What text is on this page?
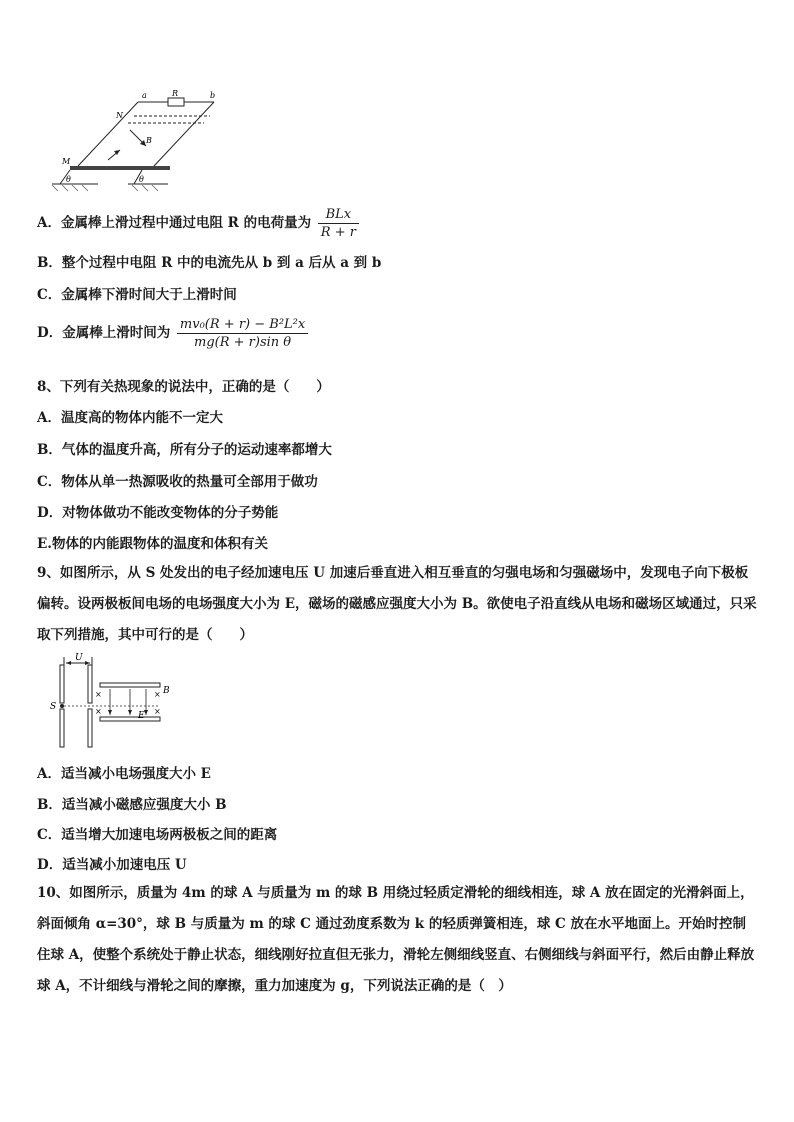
a	R	b
N
B
M
θ	θ
A．金属棒上滑过程中通过电阻 R 的电荷量为 $\frac{\text{BLx}}{R + r}$
B．整个过程中电阻 R 中的电流先从 b 到 a 后从 a 到 b
C．金属棒下滑时间大于上滑时间
D．金属棒上滑时间为 $\frac{\text{mv₀(R + r) − B²L²x}}{\text{mg(R + r)sin θ}}$
8、下列有关热现象的说法中，正确的是（　　）
A．温度高的物体内能不一定大
B．气体的温度升高，所有分子的运动速率都增大
C．物体从单一热源吸收的热量可全部用于做功
D．对物体做功不能改变物体的分子势能
E.物体的内能跟物体的温度和体积有关
9、如图所示，从 S 处发出的电子经加速电压 U 加速后垂直进入相互垂直的匀强电场和匀强磁场中，发现电子向下极板偏转。设两极板间电场的电场强度大小为 E，磁场的磁感应强度大小为 B。欲使电子沿直线从电场和磁场区域通过，只采取下列措施，其中可行的是（　　）
U
S
B
×
×
×
×
E
A．适当减小电场强度大小 E
B．适当减小磁感应强度大小 B
C．适当增大加速电场两极板之间的距离
D．适当减小加速电压 U
10、如图所示，质量为 4m 的球 A 与质量为 m 的球 B 用绕过轻质定滑轮的细线相连，球 A 放在固定的光滑斜面上，斜面倾角 α=30°，球 B 与质量为 m 的球 C 通过劲度系数为 k 的轻质弹簧相连，球 C 放在水平地面上。开始时控制住球 A，使整个系统处于静止状态，细线刚好拉直但无张力，滑轮左侧细线竖直、右侧细线与斜面平行，然后由静止释放球 A，不计细线与滑轮之间的摩擦，重力加速度为 g，下列说法正确的是（　）
